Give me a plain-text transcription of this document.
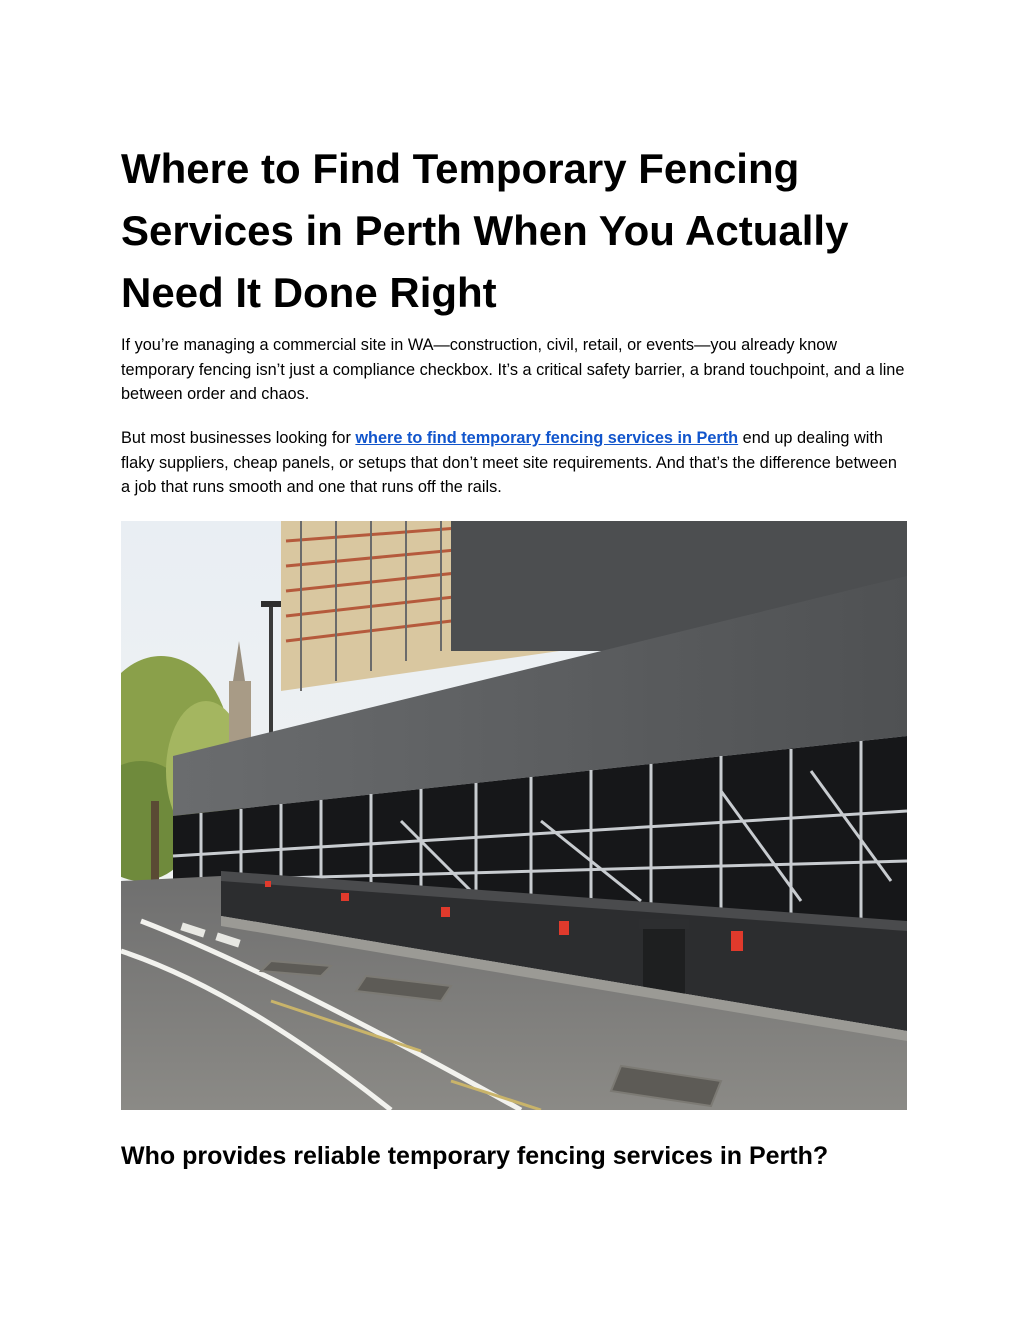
Where to Find Temporary Fencing Services in Perth When You Actually Need It Done Right

If you’re managing a commercial site in WA—construction, civil, retail, or events—you already know temporary fencing isn’t just a compliance checkbox. It’s a critical safety barrier, a brand touchpoint, and a line between order and chaos.

But most businesses looking for where to find temporary fencing services in Perth end up dealing with flaky suppliers, cheap panels, or setups that don’t meet site requirements. And that’s the difference between a job that runs smooth and one that runs off the rails.

Who provides reliable temporary fencing services in Perth?
